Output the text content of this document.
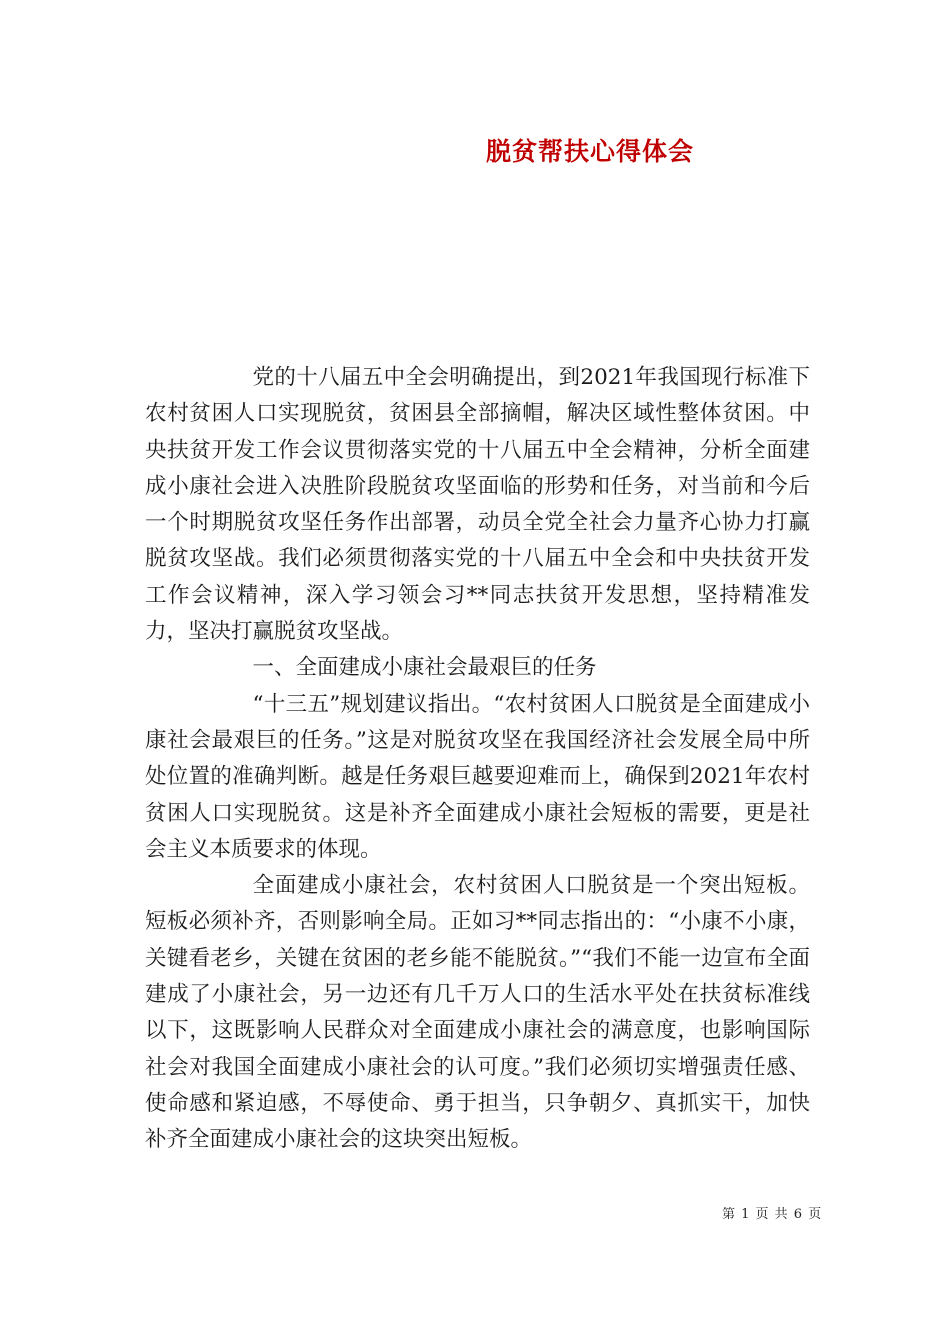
脱贫帮扶心得体会

党的十八届五中全会明确提出，到2021年我国现行标准下农村贫困人口实现脱贫，贫困县全部摘帽，解决区域性整体贫困。中央扶贫开发工作会议贯彻落实党的十八届五中全会精神，分析全面建成小康社会进入决胜阶段脱贫攻坚面临的形势和任务，对当前和今后一个时期脱贫攻坚任务作出部署，动员全党全社会力量齐心协力打赢脱贫攻坚战。我们必须贯彻落实党的十八届五中全会和中央扶贫开发工作会议精神，深入学习领会习**同志扶贫开发思想，坚持精准发力，坚决打赢脱贫攻坚战。

一、全面建成小康社会最艰巨的任务

“十三五”规划建议指出。“农村贫困人口脱贫是全面建成小康社会最艰巨的任务。”这是对脱贫攻坚在我国经济社会发展全局中所处位置的准确判断。越是任务艰巨越要迎难而上，确保到2021年农村贫困人口实现脱贫。这是补齐全面建成小康社会短板的需要，更是社会主义本质要求的体现。

全面建成小康社会，农村贫困人口脱贫是一个突出短板。短板必须补齐，否则影响全局。正如习**同志指出的：“小康不小康，关键看老乡，关键在贫困的老乡能不能脱贫。”“我们不能一边宣布全面建成了小康社会，另一边还有几千万人口的生活水平处在扶贫标准线以下，这既影响人民群众对全面建成小康社会的满意度，也影响国际社会对我国全面建成小康社会的认可度。”我们必须切实增强责任感、使命感和紧迫感，不辱使命、勇于担当，只争朝夕、真抓实干，加快补齐全面建成小康社会的这块突出短板。

第 1 页 共 6 页
